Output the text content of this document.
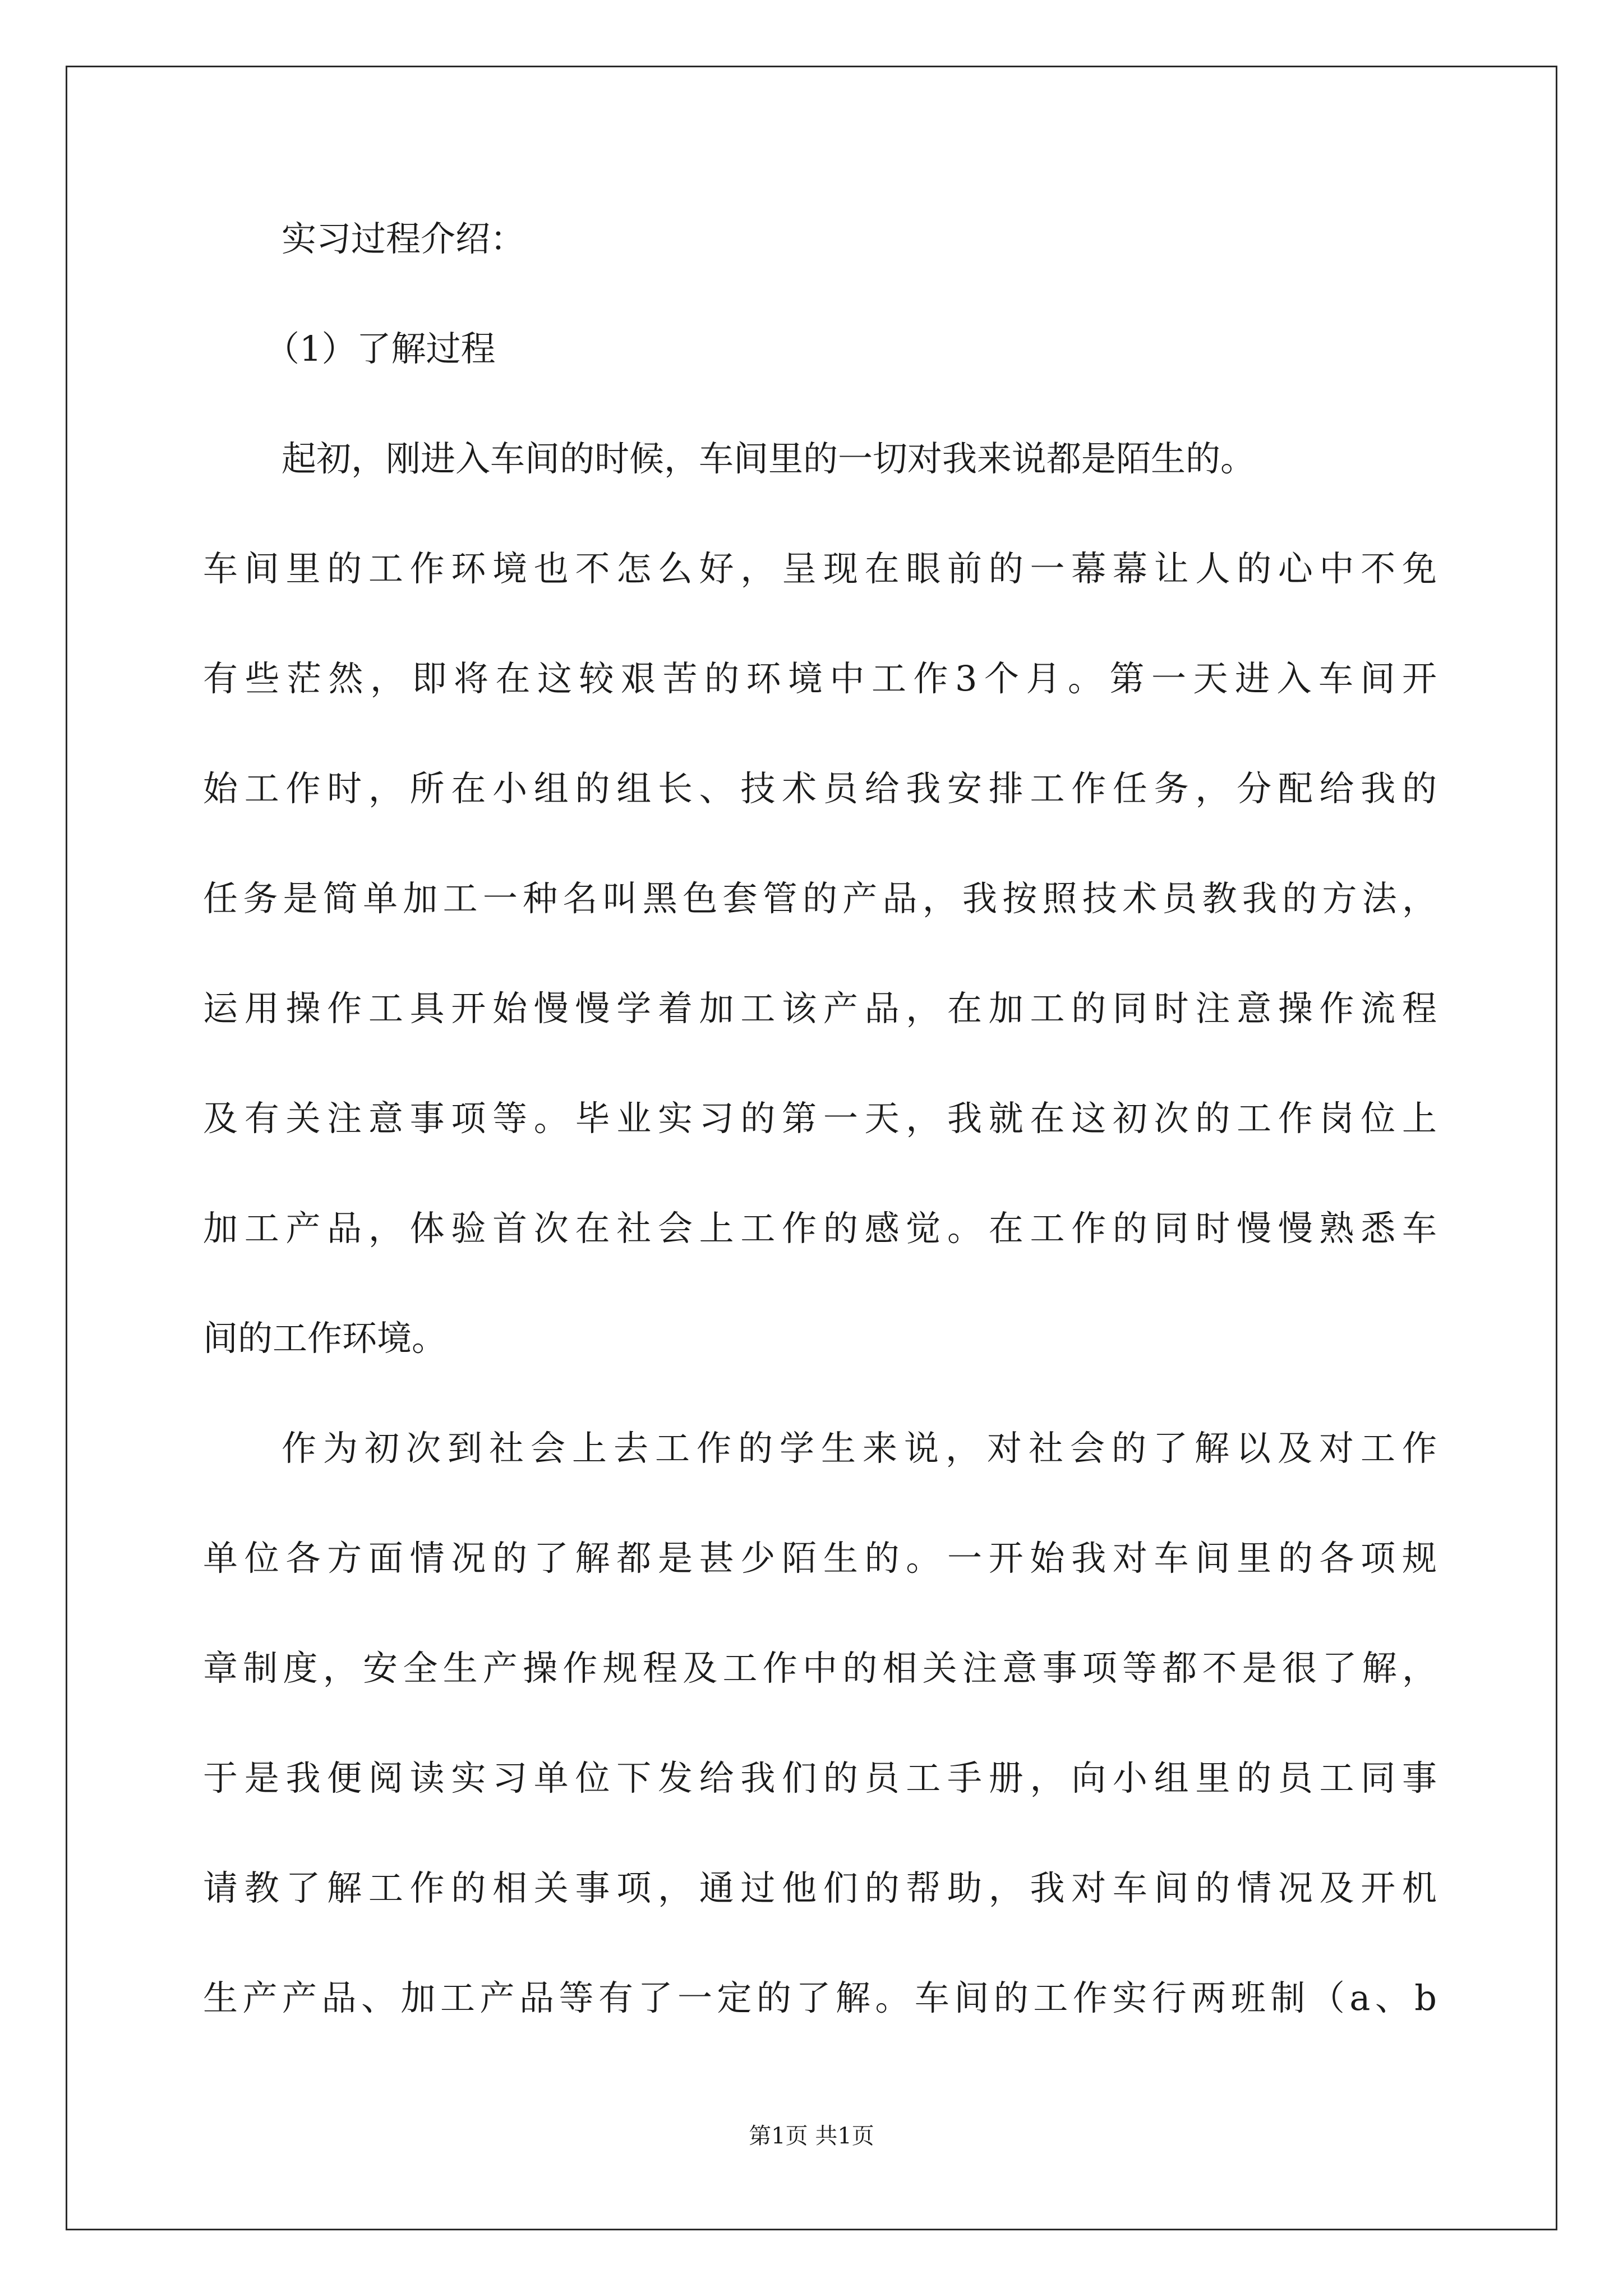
实习过程介绍：
（1）了解过程
起初，刚进入车间的时候，车间里的一切对我来说都是陌生的。
车间里的工作环境也不怎么好，呈现在眼前的一幕幕让人的心中不免
有些茫然，即将在这较艰苦的环境中工作3个月。第一天进入车间开
始工作时，所在小组的组长、技术员给我安排工作任务，分配给我的
任务是简单加工一种名叫黑色套管的产品，我按照技术员教我的方法，
运用操作工具开始慢慢学着加工该产品，在加工的同时注意操作流程
及有关注意事项等。毕业实习的第一天，我就在这初次的工作岗位上
加工产品，体验首次在社会上工作的感觉。在工作的同时慢慢熟悉车
间的工作环境。
作为初次到社会上去工作的学生来说，对社会的了解以及对工作
单位各方面情况的了解都是甚少陌生的。一开始我对车间里的各项规
章制度，安全生产操作规程及工作中的相关注意事项等都不是很了解，
于是我便阅读实习单位下发给我们的员工手册，向小组里的员工同事
请教了解工作的相关事项，通过他们的帮助，我对车间的情况及开机
生产产品、加工产品等有了一定的了解。车间的工作实行两班制（a、b
第1页 共1页
